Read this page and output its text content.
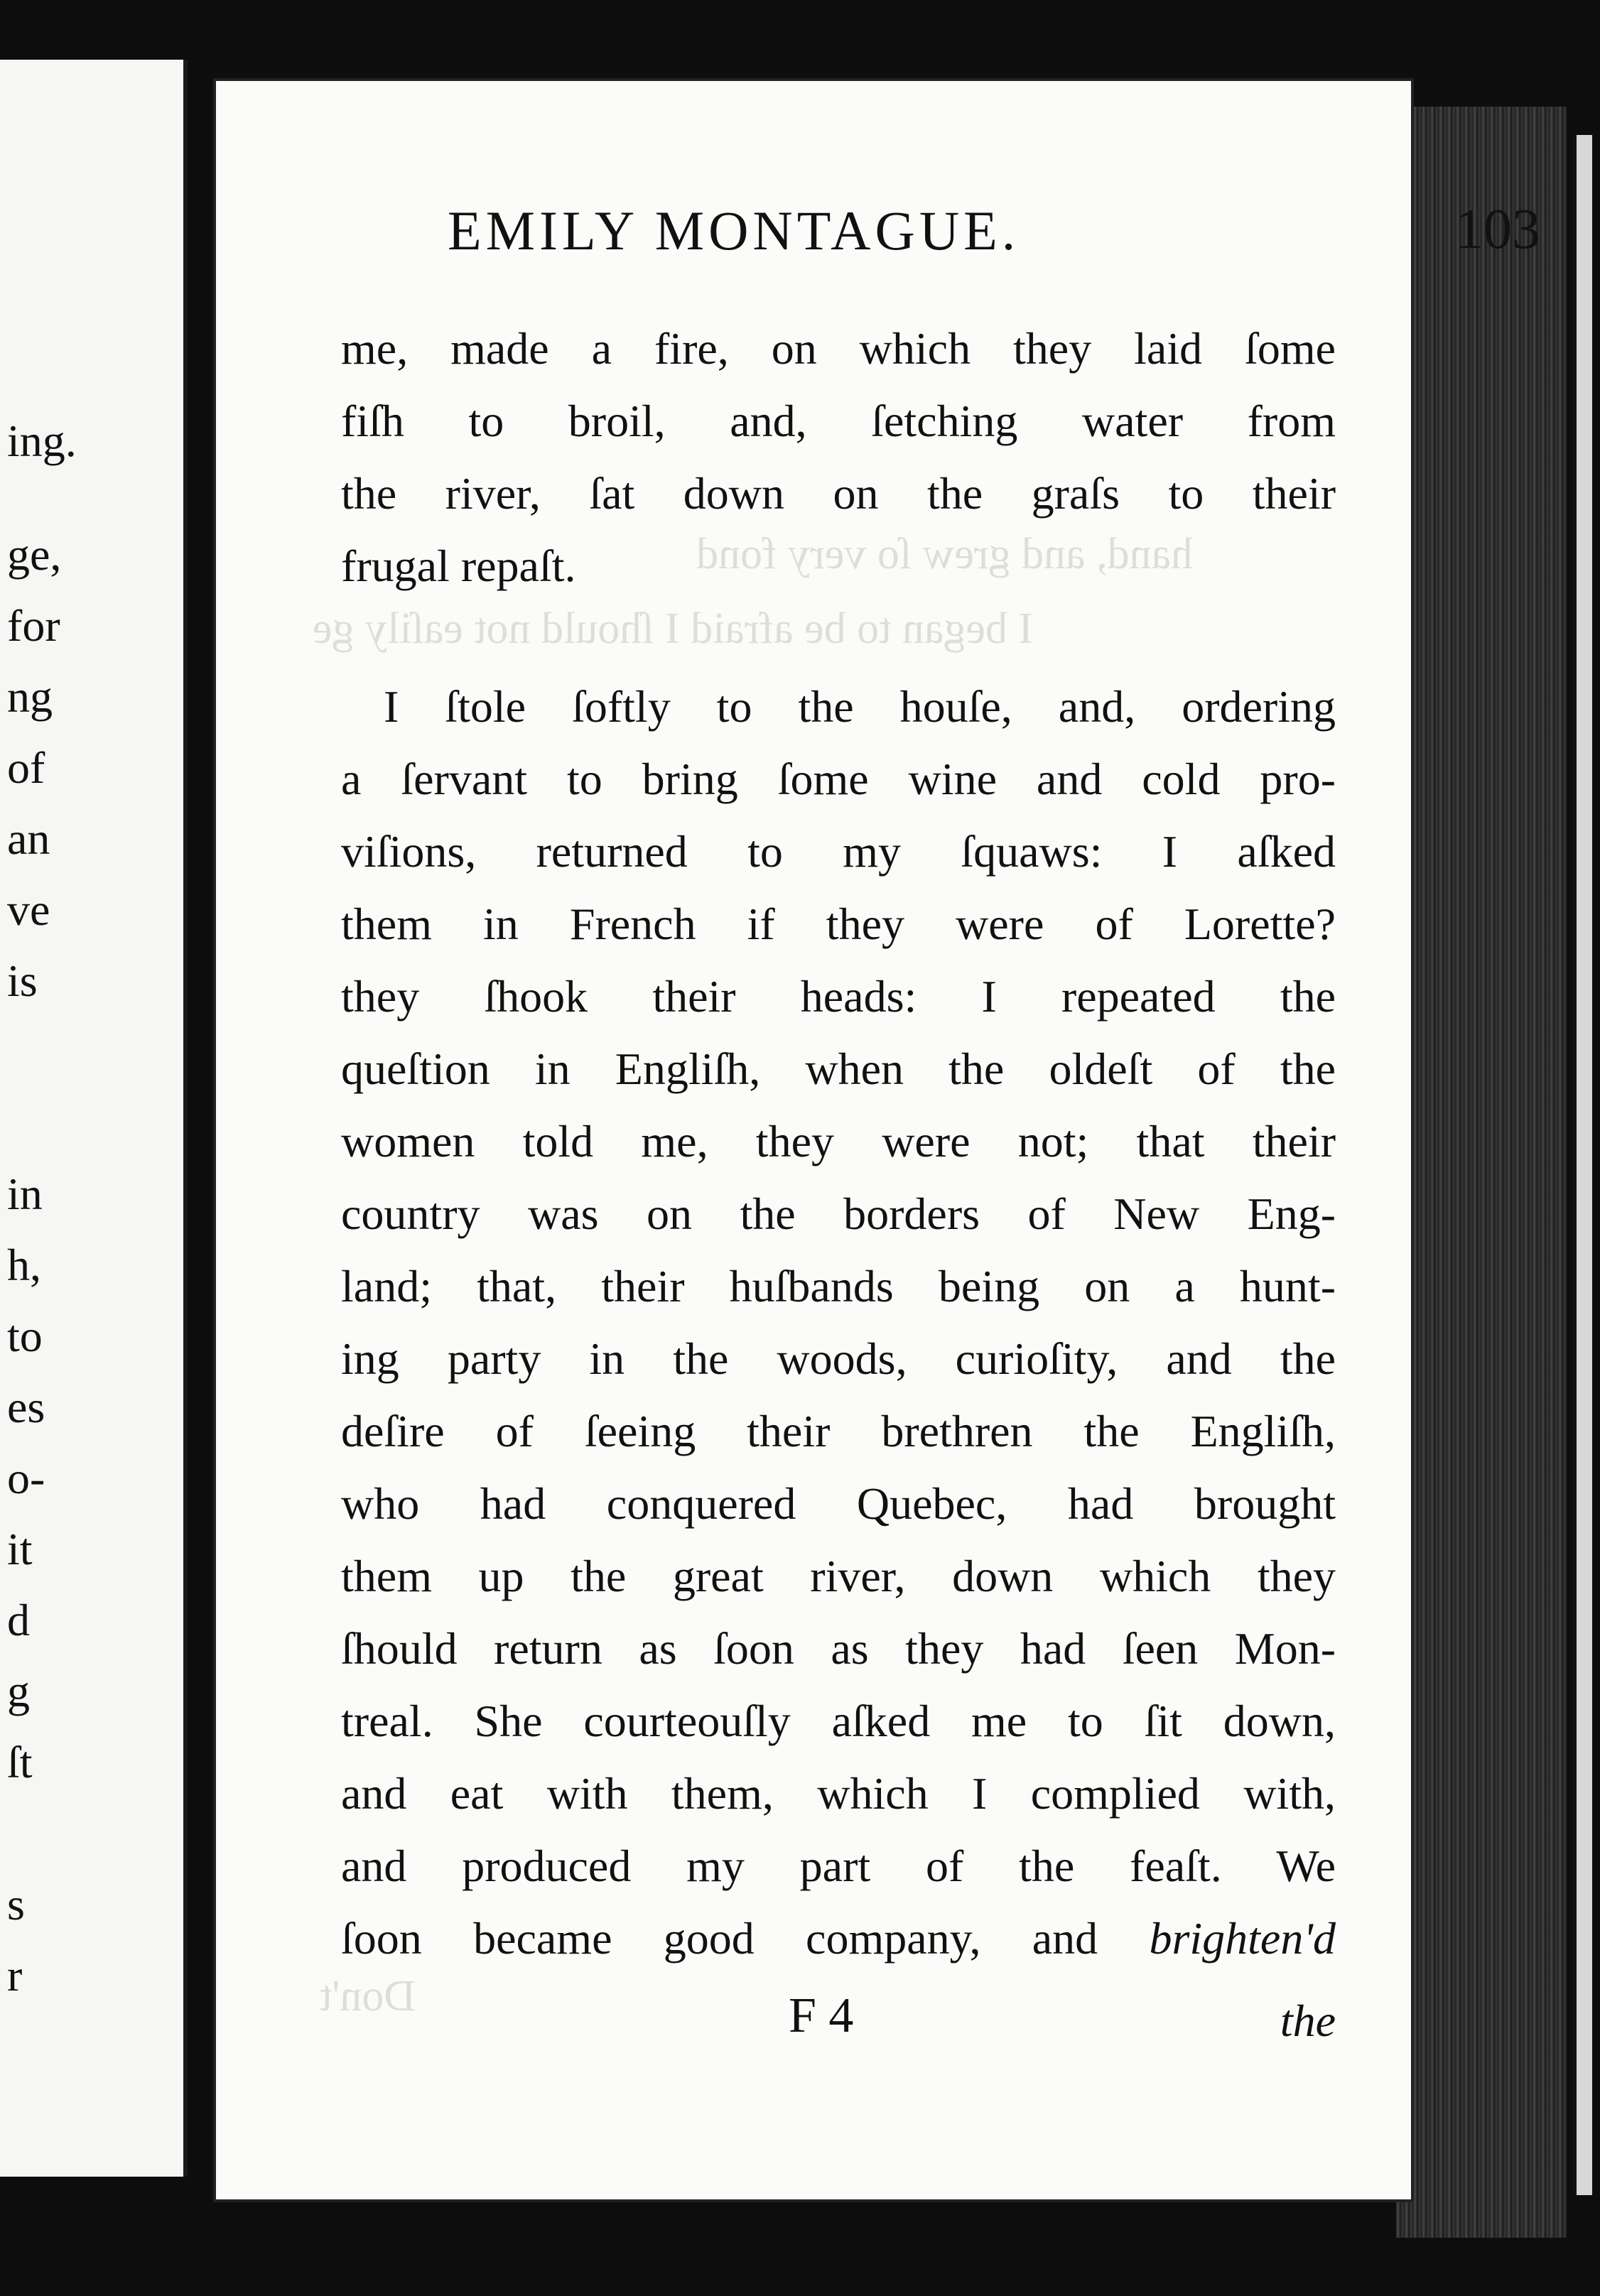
ing.
ge,
for
ng
of
an
ve
is
in
h,
to
es
o-
it
d
g
ſt
s
r
hand, and grew ſo very fond
I began to be afraid I ſhould not eaſily ge
Don't
EMILY MONTAGUE.	103
me, made a fire, on which they laid ſome
fiſh to broil, and, ſetching water from
the river, ſat down on the graſs to their
frugal repaſt.
I ſtole ſoftly to the houſe, and, ordering
a ſervant to bring ſome wine and cold pro-
viſions, returned to my ſquaws: I aſked
them in French if they were of Lorette?
they ſhook their heads: I repeated the
queſtion in Engliſh, when the oldeſt of the
women told me, they were not; that their
country was on the borders of New Eng-
land; that, their huſbands being on a hunt-
ing party in the woods, curioſity, and the
deſire of ſeeing their brethren the Engliſh,
who had conquered Quebec, had brought
them up the great river, down which they
ſhould return as ſoon as they had ſeen Mon-
treal. She courteouſly aſked me to ſit down,
and eat with them, which I complied with,
and produced my part of the feaſt. We
ſoon became good company, and brighten'd
F 4	the
